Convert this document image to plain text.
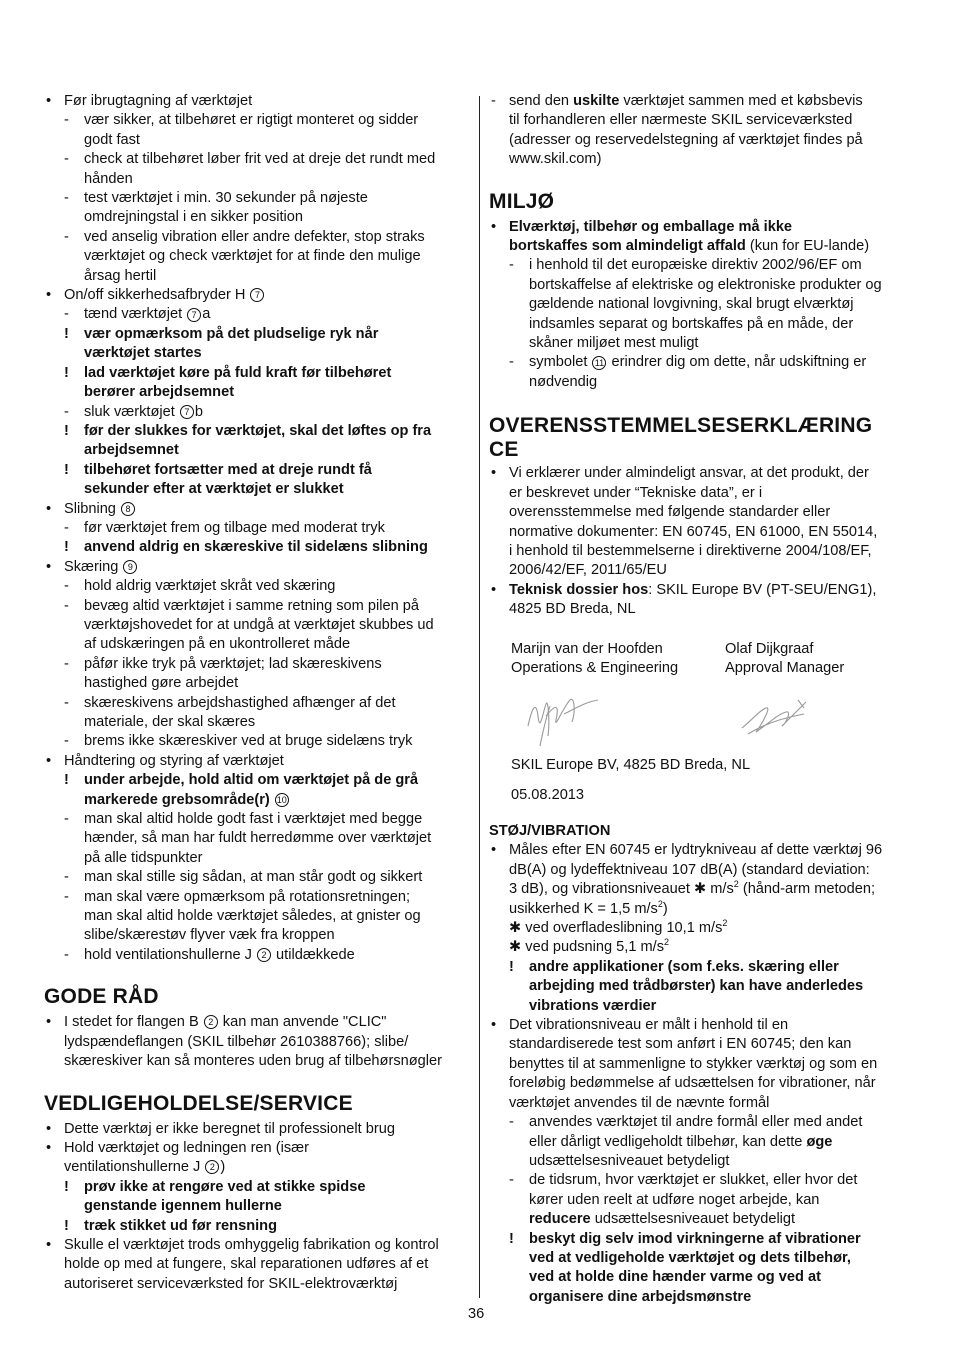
• Før ibrugtagning af værktøjet
- vær sikker, at tilbehøret er rigtigt monteret og sidder
godt fast
- check at tilbehøret løber frit ved at dreje det rundt med
hånden
- test værktøjet i min. 30 sekunder på nøjeste
omdrejningstal i en sikker position
- ved anselig vibration eller andre defekter, stop straks
værktøjet og check værktøjet for at finde den mulige
årsag hertil
• On/off sikkerhedsafbryder H 7
- tænd værktøjet 7 a
! vær opmærksom på det pludselige ryk når
værktøjet startes
! lad værktøjet køre på fuld kraft før tilbehøret
berører arbejdsemnet
- sluk værktøjet 7 b
! før der slukkes for værktøjet, skal det løftes op fra
arbejdsemnet
! tilbehøret fortsætter med at dreje rundt få
sekunder efter at værktøjet er slukket
• Slibning 8
- før værktøjet frem og tilbage med moderat tryk
! anvend aldrig en skæreskive til sidelæns slibning
• Skæring 9
- hold aldrig værktøjet skråt ved skæring
- bevæg altid værktøjet i samme retning som pilen på
værktøjshovedet for at undgå at værktøjet skubbes ud
af udskæringen på en ukontrolleret måde
- påfør ikke tryk på værktøjet; lad skæreskivens
hastighed gøre arbejdet
- skæreskivens arbejdshastighed afhænger af det
materiale, der skal skæres
- brems ikke skæreskiver ved at bruge sidelæns tryk
• Håndtering og styring af værktøjet
! under arbejde, hold altid om værktøjet på de grå
markerede grebsområde(r) 10
- man skal altid holde godt fast i værktøjet med begge
hænder, så man har fuldt herredømme over værktøjet
på alle tidspunkter
- man skal stille sig sådan, at man står godt og sikkert
- man skal være opmærksom på rotationsretningen;
man skal altid holde værktøjet således, at gnister og
slibe/skærestøv flyver væk fra kroppen
- hold ventilationshullerne J 2 utildækkede
GODE RÅD
• I stedet for flangen B 2 kan man anvende "CLIC"
lydspændeflangen (SKIL tilbehør 2610388766); slibe/
skæreskiver kan så monteres uden brug af tilbehørsnøgler
VEDLIGEHOLDELSE/SERVICE
• Dette værktøj er ikke beregnet til professionelt brug
• Hold værktøjet og ledningen ren (især
ventilationshullerne J 2 )
! prøv ikke at rengøre ved at stikke spidse
genstande igennem hullerne
! træk stikket ud før rensning
• Skulle el værktøjet trods omhyggelig fabrikation og kontrol
holde op med at fungere, skal reparationen udføres af et
autoriseret serviceværksted for SKIL-elektroværktøj
- send den uskilte værktøjet sammen med et købsbevis
til forhandleren eller nærmeste SKIL serviceværksted
(adresser og reservedelstegning af værktøjet findes på
www.skil.com)
MILJØ
• Elværktøj, tilbehør og emballage må ikke
bortskaffes som almindeligt affald (kun for EU-lande)
- i henhold til det europæiske direktiv 2002/96/EF om
bortskaffelse af elektriske og elektroniske produkter og
gældende national lovgivning, skal brugt elværktøj
indsamles separat og bortskaffes på en måde, der
skåner miljøet mest muligt
- symbolet 11 erindrer dig om dette, når udskiftning er
nødvendig
OVERENSSTEMMELSESERKLÆRING
CE
• Vi erklærer under almindeligt ansvar, at det produkt, der
er beskrevet under “Tekniske data”, er i
overensstemmelse med følgende standarder eller
normative dokumenter: EN 60745, EN 61000, EN 55014,
i henhold til bestemmelserne i direktiverne 2004/108/EF,
2006/42/EF, 2011/65/EU
• Teknisk dossier hos: SKIL Europe BV (PT-SEU/ENG1),
4825 BD Breda, NL
Marijn van der Hoofden
Operations & Engineering
Olaf Dijkgraaf
Approval Manager
SKIL Europe BV, 4825 BD Breda, NL
05.08.2013
STØJ/VIBRATION
• Måles efter EN 60745 er lydtrykniveau af dette værktøj 96
dB(A) og lydeffektniveau 107 dB(A) (standard deviation:
3 dB), og vibrationsniveauet ✱ $m/s^2$ (hånd-arm metoden;
usikkerhed K = 1,5 $m/s^2$)
✱ ved overfladeslibning 10,1 $m/s^2$
✱ ved pudsning 5,1 $m/s^2$
! andre applikationer (som f.eks. skæring eller
arbejding med trådbørster) kan have anderledes
vibrations værdier
• Det vibrationsniveau er målt i henhold til en
standardiserede test som anført i EN 60745; den kan
benyttes til at sammenligne to stykker værktøj og som en
foreløbig bedømmelse af udsættelsen for vibrationer, når
værktøjet anvendes til de nævnte formål
- anvendes værktøjet til andre formål eller med andet
eller dårligt vedligeholdt tilbehør, kan dette øge
udsættelsesniveauet betydeligt
- de tidsrum, hvor værktøjet er slukket, eller hvor det
kører uden reelt at udføre noget arbejde, kan
reducere udsættelsesniveauet betydeligt
! beskyt dig selv imod virkningerne af vibrationer
ved at vedligeholde værktøjet og dets tilbehør,
ved at holde dine hænder varme og ved at
organisere dine arbejdsmønstre
36
